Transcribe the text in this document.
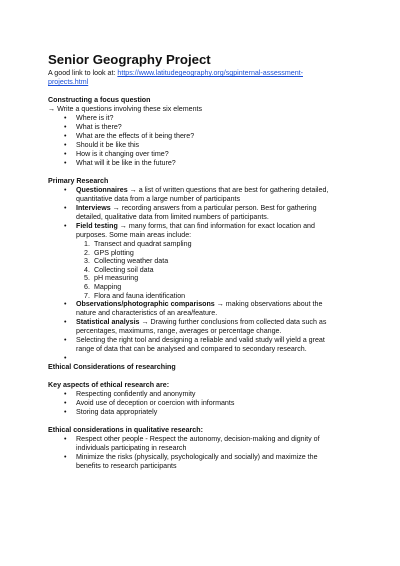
Senior Geography Project
A good link to look at: https://www.latitudegeography.org/sgpinternal-assessment-
projects.html
Constructing a focus question
→ Write a questions involving these six elements
• Where is it?
• What is there?
• What are the effects of it being there?
• Should it be like this
• How is it changing over time?
• What will it be like in the future?
Primary Research
• Questionnaires → a list of written questions that are best for gathering detailed,
quantitative data from a large number of participants
• Interviews → recording answers from a particular person. Best for gathering
detailed, qualitative data from limited numbers of participants.
• Field testing → many forms, that can find information for exact location and
purposes. Some main areas include:
1. Transect and quadrat sampling
2. GPS plotting
3. Collecting weather data
4. Collecting soil data
5. pH measuring
6. Mapping
7. Flora and fauna identification
• Observations/photographic comparisons → making observations about the
nature and characteristics of an area/feature.
• Statistical analysis → Drawing further conclusions from collected data such as
percentages, maximums, range, averages or percentage change.
• Selecting the right tool and designing a reliable and valid study will yield a great
range of data that can be analysed and compared to secondary research.
•
Ethical Considerations of researching
Key aspects of ethical research are:
• Respecting confidently and anonymity
• Avoid use of deception or coercion with informants
• Storing data appropriately
Ethical considerations in qualitative research:
• Respect other people - Respect the autonomy, decision-making and dignity of
individuals participating in research
• Minimize the risks (physically, psychologically and socially) and maximize the
benefits to research participants
